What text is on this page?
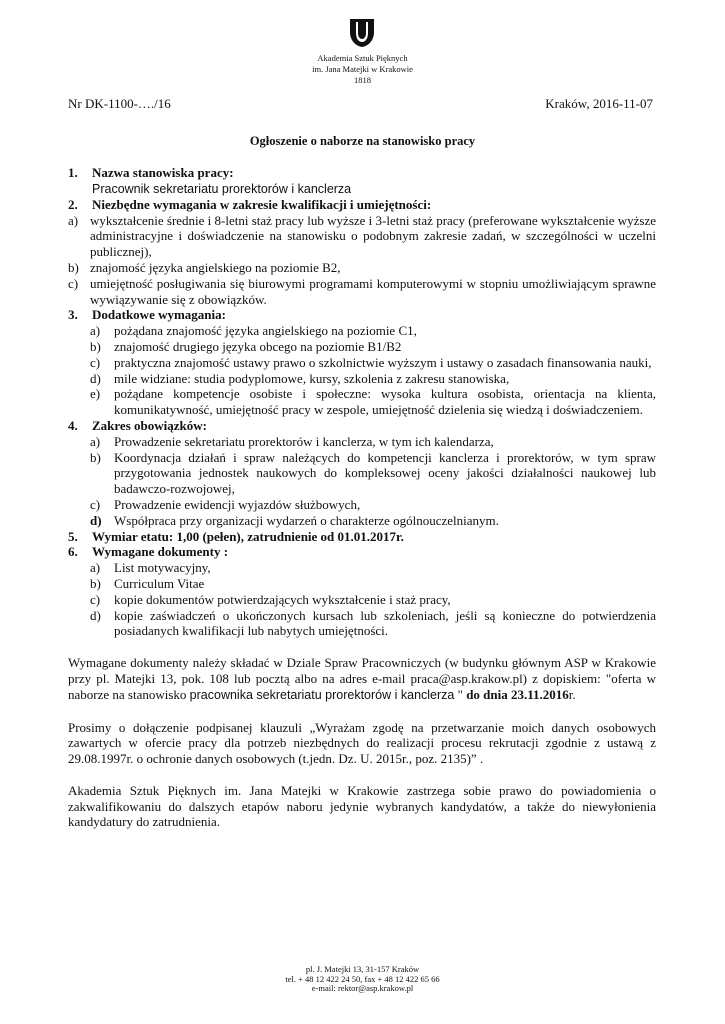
Akademia Sztuk Pięknych
im. Jana Matejki w Krakowie
1818
Nr DK-1100-…./16	Kraków, 2016-11-07
Ogłoszenie o naborze na stanowisko pracy
1.	Nazwa stanowiska pracy:
Pracownik sekretariatu prorektorów i kanclerza
2.	Niezbędne wymagania w zakresie kwalifikacji i umiejętności:
a) wykształcenie średnie i 8-letni staż pracy lub wyższe i 3-letni staż pracy (preferowane wykształcenie wyższe administracyjne i doświadczenie na stanowisku o podobnym zakresie zadań, w szczególności w uczelni publicznej),
b) znajomość języka angielskiego na poziomie B2,
c) umiejętność posługiwania się biurowymi programami komputerowymi w stopniu umożliwiającym sprawne wywiązywanie się z obowiązków.
3.	Dodatkowe wymagania:
a) pożądana znajomość języka angielskiego na poziomie C1,
b) znajomość drugiego języka obcego na poziomie B1/B2
c) praktyczna znajomość ustawy prawo o szkolnictwie wyższym i ustawy o zasadach finansowania nauki,
d) mile widziane: studia podyplomowe, kursy, szkolenia z zakresu stanowiska,
e) pożądane kompetencje osobiste i społeczne: wysoka kultura osobista, orientacja na klienta, komunikatywność, umiejętność pracy w zespole, umiejętność dzielenia się wiedzą i doświadczeniem.
4.	Zakres obowiązków:
a) Prowadzenie sekretariatu prorektorów i kanclerza, w tym ich kalendarza,
b) Koordynacja działań i spraw należących do kompetencji kanclerza i prorektorów, w tym spraw przygotowania jednostek naukowych do kompleksowej oceny jakości działalności naukowej lub badawczo-rozwojowej,
c) Prowadzenie ewidencji wyjazdów służbowych,
d) Współpraca przy organizacji wydarzeń o charakterze ogólnouczelnianym.
5.	Wymiar etatu: 1,00 (pełen), zatrudnienie od 01.01.2017r.
6.	Wymagane dokumenty :
a) List motywacyjny,
b) Curriculum Vitae
c) kopie dokumentów potwierdzających wykształcenie i staż pracy,
d) kopie zaświadczeń o ukończonych kursach lub szkoleniach, jeśli są konieczne do potwierdzenia posiadanych kwalifikacji lub nabytych umiejętności.
Wymagane dokumenty należy składać w Dziale Spraw Pracowniczych (w budynku głównym ASP w Krakowie przy pl. Matejki 13, pok. 108 lub pocztą albo na adres e-mail praca@asp.krakow.pl) z dopiskiem: "oferta w naborze na stanowisko pracownika sekretariatu prorektorów i kanclerza " do dnia 23.11.2016r.
Prosimy o dołączenie podpisanej klauzuli „Wyrażam zgodę na przetwarzanie moich danych osobowych zawartych w ofercie pracy dla potrzeb niezbędnych do realizacji procesu rekrutacji zgodnie z ustawą z 29.08.1997r. o ochronie danych osobowych (t.jedn. Dz. U. 2015r., poz. 2135)” .
Akademia Sztuk Pięknych im. Jana Matejki w Krakowie zastrzega sobie prawo do powiadomienia o zakwalifikowaniu do dalszych etapów naboru jedynie wybranych kandydatów, a także do niewyłonienia kandydatury do zatrudnienia.
pl. J. Matejki 13, 31-157 Kraków
tel. + 48 12 422 24 50, fax + 48 12 422 65 66
e-mail: rektor@asp.krakow.pl
